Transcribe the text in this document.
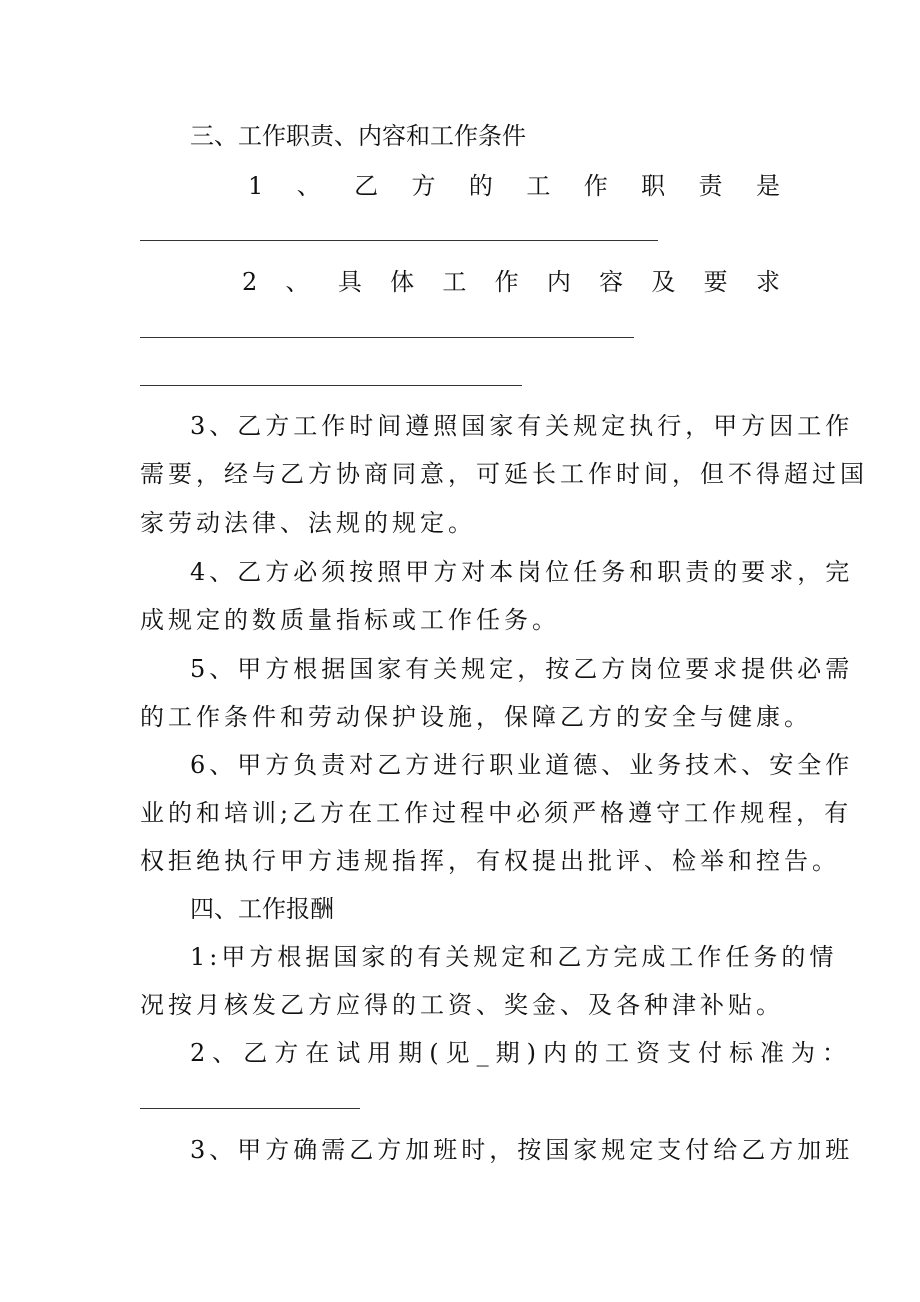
三、工作职责、内容和工作条件
1 、 乙 方 的 工 作 职 责 是
2 、 具 体 工 作 内 容 及 要 求
3、乙方工作时间遵照国家有关规定执行，甲方因工作
需要，经与乙方协商同意，可延长工作时间，但不得超过国
家劳动法律、法规的规定。
4、乙方必须按照甲方对本岗位任务和职责的要求，完
成规定的数质量指标或工作任务。
5、甲方根据国家有关规定，按乙方岗位要求提供必需
的工作条件和劳动保护设施，保障乙方的安全与健康。
6、甲方负责对乙方进行职业道德、业务技术、安全作
业的和培训;乙方在工作过程中必须严格遵守工作规程，有
权拒绝执行甲方违规指挥，有权提出批评、检举和控告。
四、工作报酬
1:甲方根据国家的有关规定和乙方完成工作任务的情
况按月核发乙方应得的工资、奖金、及各种津补贴。
2、乙方在试用期(见_期)内的工资支付标准为：
3、甲方确需乙方加班时，按国家规定支付给乙方加班
